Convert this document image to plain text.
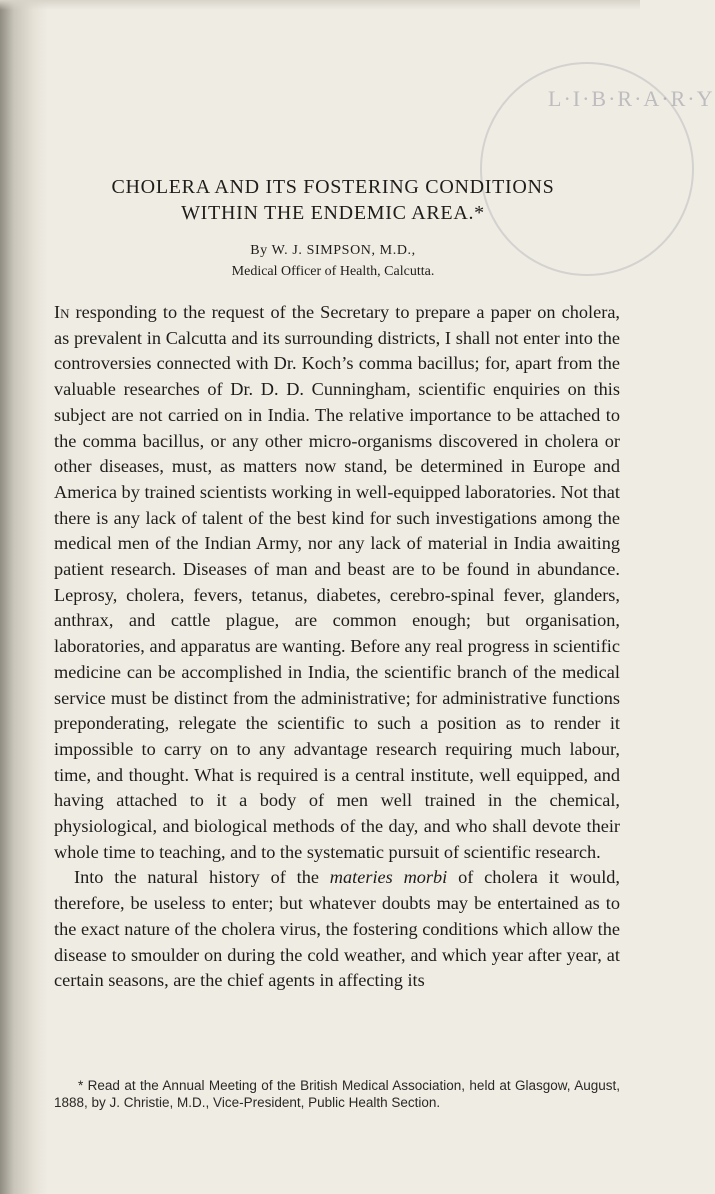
L·I·B·R·A·R·Y
CHOLERA AND ITS FOSTERING CONDITIONS
WITHIN THE ENDEMIC AREA.*
By W. J. SIMPSON, M.D.,
Medical Officer of Health, Calcutta.

In responding to the request of the Secretary to prepare a paper on cholera, as prevalent in Calcutta and its surrounding districts, I shall not enter into the controversies connected with Dr. Koch’s comma bacillus; for, apart from the valuable researches of Dr. D. D. Cunningham, scientific enquiries on this subject are not carried on in India. The relative importance to be attached to the comma bacillus, or any other micro-organisms discovered in cholera or other diseases, must, as matters now stand, be determined in Europe and America by trained scientists working in well-equipped laboratories. Not that there is any lack of talent of the best kind for such investigations among the medical men of the Indian Army, nor any lack of material in India awaiting patient research. Diseases of man and beast are to be found in abundance. Leprosy, cholera, fevers, tetanus, diabetes, cerebro-spinal fever, glanders, anthrax, and cattle plague, are common enough; but organisation, laboratories, and apparatus are wanting. Before any real progress in scientific medicine can be accomplished in India, the scientific branch of the medical service must be distinct from the administrative; for administrative functions preponderating, relegate the scientific to such a position as to render it impossible to carry on to any advantage research requiring much labour, time, and thought. What is required is a central institute, well equipped, and having attached to it a body of men well trained in the chemical, physiological, and biological methods of the day, and who shall devote their whole time to teaching, and to the systematic pursuit of scientific research.

Into the natural history of the materies morbi of cholera it would, therefore, be useless to enter; but whatever doubts may be entertained as to the exact nature of the cholera virus, the fostering conditions which allow the disease to smoulder on during the cold weather, and which year after year, at certain seasons, are the chief agents in affecting its

* Read at the Annual Meeting of the British Medical Association, held at Glasgow, August, 1888, by J. Christie, M.D., Vice-President, Public Health Section.
